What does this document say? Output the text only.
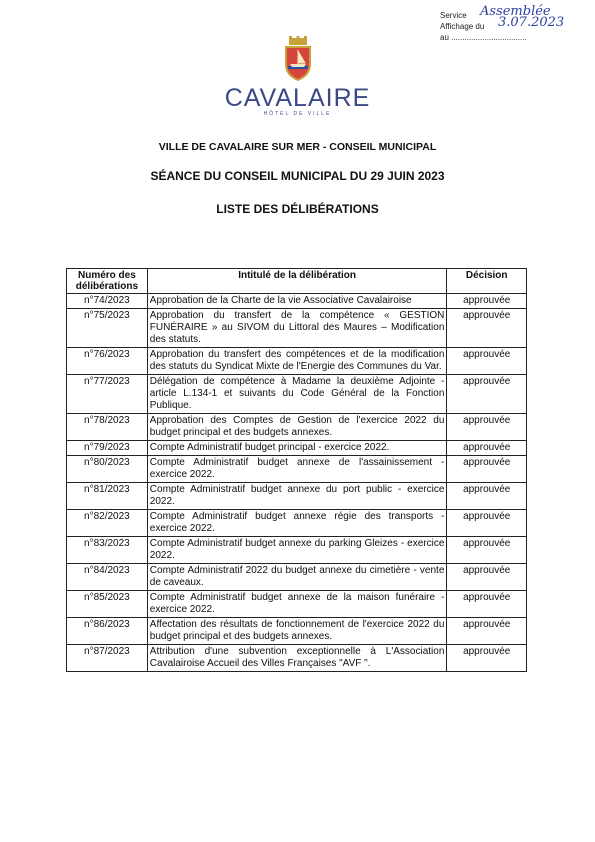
Service Assemblée
Affichage du 3.07.2023
au ..................................
CAVALAIRE
HÔTEL DE VILLE
VILLE DE CAVALAIRE SUR MER - CONSEIL MUNICIPAL
SÉANCE DU CONSEIL MUNICIPAL DU 29 JUIN 2023
LISTE DES DÉLIBÉRATIONS
Numéro des délibérations	Intitulé de la délibération	Décision
n°74/2023	Approbation de la Charte de la vie Associative Cavalairoise	approuvée
n°75/2023	Approbation du transfert de la compétence « GESTION FUNÉRAIRE » au SIVOM du Littoral des Maures – Modification des statuts.	approuvée
n°76/2023	Approbation du transfert des compétences et de la modification des statuts du Syndicat Mixte de l'Energie des Communes du Var.	approuvée
n°77/2023	Délégation de compétence à Madame la deuxième Adjointe - article L.134-1 et suivants du Code Général de la Fonction Publique.	approuvée
n°78/2023	Approbation des Comptes de Gestion de l'exercice 2022 du budget principal et des budgets annexes.	approuvée
n°79/2023	Compte Administratif budget principal - exercice 2022.	approuvée
n°80/2023	Compte Administratif budget annexe de l'assainissement - exercice 2022.	approuvée
n°81/2023	Compte Administratif budget annexe du port public - exercice 2022.	approuvée
n°82/2023	Compte Administratif budget annexe régie des transports - exercice 2022.	approuvée
n°83/2023	Compte Administratif budget annexe du parking Gleizes - exercice 2022.	approuvée
n°84/2023	Compte Administratif 2022 du budget annexe du cimetière - vente de caveaux.	approuvée
n°85/2023	Compte Administratif budget annexe de la maison funéraire - exercice 2022.	approuvée
n°86/2023	Affectation des résultats de fonctionnement de l'exercice 2022 du budget principal et des budgets annexes.	approuvée
n°87/2023	Attribution d'une subvention exceptionnelle à L'Association Cavalairoise Accueil des Villes Françaises "AVF ".	approuvée
